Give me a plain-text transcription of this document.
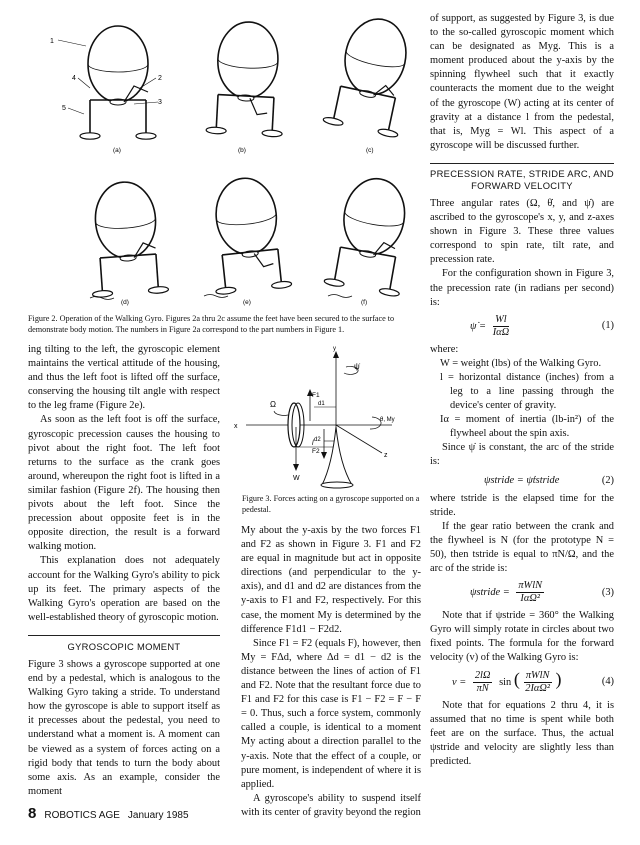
1
2
3
4
5
(a)	(b)	(c)
(d)	(e)	(f)
Figure 2. Operation of the Walking Gyro. Figures 2a thru 2c assume the feet have been secured to the surface to demonstrate body motion. The numbers in Figure 2a correspond to the part numbers in Figure 1.

ing tilting to the left, the gyroscopic element maintains the vertical attitude of the housing, and thus the left foot is lifted off the surface, conserving the housing tilt angle with respect to the leg frame (Figure 2e).

As soon as the left foot is off the surface, gyroscopic precession causes the housing to pivot about the right foot. The left foot returns to the surface as the crank goes around, whereupon the right foot is lifted in a similar fashion (Figure 2f). The housing then pivots about the left foot. Since the precession about opposite feet is in the opposite direction, the result is a forward walking motion.

This explanation does not adequately account for the Walking Gyro's ability to pick up its feet. The primary aspects of the Walking Gyro's operation are based on the well-established theory of gyroscopic motion.

GYROSCOPIC MOMENT

Figure 3 shows a gyroscope supported at one end by a pedestal, which is analogous to the Walking Gyro taking a stride. To understand how the gyroscope is able to support itself as it precesses about the pedestal, you need to understand what a moment is. A moment can be viewed as a system of forces acting on a rigid body that tends to turn the body about some axis. As an example, consider the moment

y
ψ̇
x
z
Ω
F1
d1
F2
d2
l
W
θ, My
Figure 3. Forces acting on a gyroscope supported on a pedestal.

My about the y-axis by the two forces F1 and F2 as shown in Figure 3. F1 and F2 are equal in magnitude but act in opposite directions (and perpendicular to the y-axis), and d1 and d2 are distances from the y-axis to F1 and F2, respectively. For this case, the moment My is determined by the difference F1d1 − F2d2.

Since F1 = F2 (equals F), however, then My = FΔd, where Δd = d1 − d2 is the distance between the lines of action of F1 and F2. Note that the resultant force due to F1 and F2 for this case is F1 − F2 = F − F = 0. Thus, such a force system, commonly called a couple, is identical to a moment My acting about a direction parallel to the y-axis. Note that the effect of a couple, or pure moment, is independent of where it is applied.

A gyroscope's ability to suspend itself with its center of gravity beyond the region

of support, as suggested by Figure 3, is due to the so-called gyroscopic moment which can be designated as Myg. This is a moment produced about the y-axis by the spinning flywheel such that it exactly counteracts the moment due to the weight of the gyroscope (W) acting at its center of gravity at a distance l from the pedestal, that is, Myg = Wl. This aspect of a gyroscope will be discussed further.

PRECESSION RATE, STRIDE ARC, AND FORWARD VELOCITY

Three angular rates (Ω, θ̇, and ψ̇) are ascribed to the gyroscope's x, y, and z-axes shown in Figure 3. These three values correspond to spin rate, tilt rate, and precession rate.

For the configuration shown in Figure 3, the precession rate (in radians per second) is:

ψ̇ = $\frac{Wl}{\text{IαΩ}}$	(1)

where:

W = weight (lbs) of the Walking Gyro.
l = horizontal distance (inches) from a leg to a line passing through the device's center of gravity.
Iα = moment of inertia (lb-in²) of the flywheel about the spin axis.

Since ψ̇ is constant, the arc of the stride is:

ψstride = ψ̇tstride	(2)

where tstride is the elapsed time for the stride.

If the gear ratio between the crank and the flywheel is N (for the prototype N = 50), then tstride is equal to πN/Ω, and the arc of the stride is:

ψstride = $\frac{\text{πWlN}}{\text{IαΩ²}}$	(3)

Note that if ψstride = 360° the Walking Gyro will simply rotate in circles about two fixed points. The formula for the forward velocity (v) of the Walking Gyro is:

$v = \frac{2l\Omega}{\pi N}$ sin ( $\frac{\text{πWlN}}{\text{2IαΩ²}}$ )	(4)

Note that for equations 2 thru 4, it is assumed that no time is spent while both feet are on the surface. Thus, the actual ψstride and velocity are slightly less than predicted.

8 ROBOTICS AGE January 1985
